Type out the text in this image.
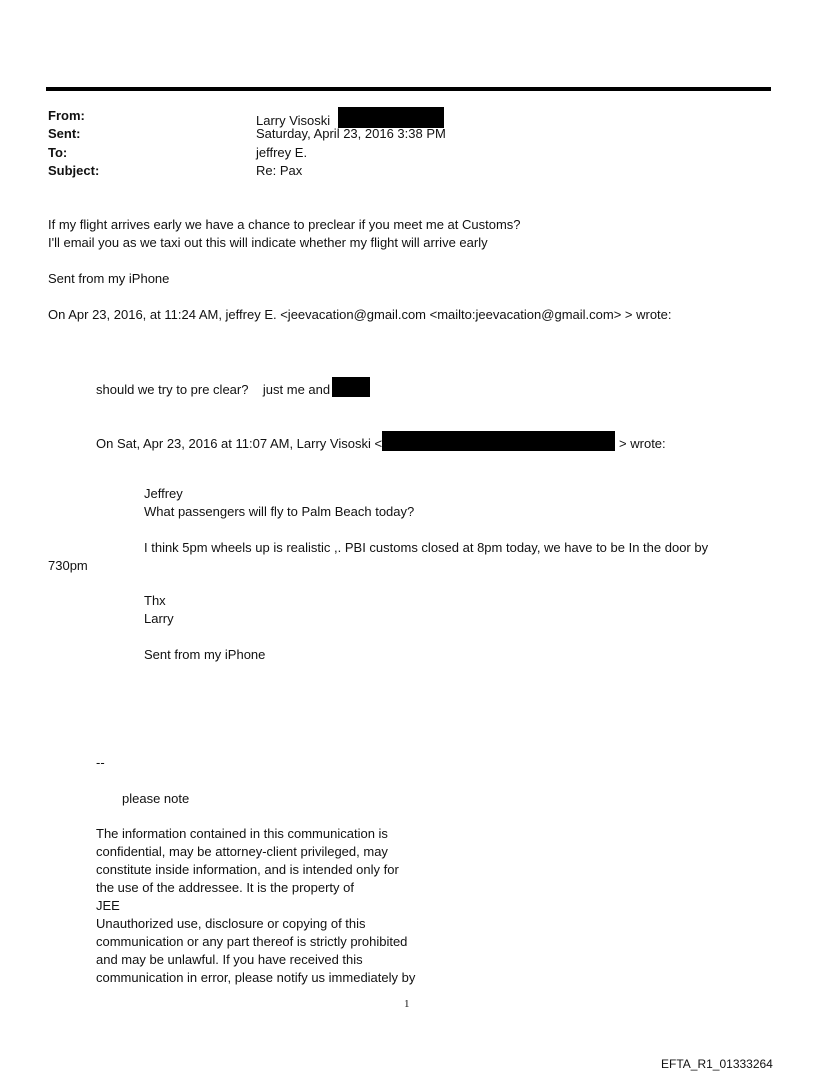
From:	Larry Visoski
Sent:	Saturday, April 23, 2016 3:38 PM
To:	jeffrey E.
Subject:	Re: Pax
If my flight arrives early we have a chance to preclear if you meet me at Customs?
I'll email you as we taxi out this will indicate whether my flight will arrive early
Sent from my iPhone
On Apr 23, 2016, at 11:24 AM, jeffrey E. <jeevacation@gmail.com <mailto:jeevacation@gmail.com> > wrote:
should we try to pre clear?    just me and
On Sat, Apr 23, 2016 at 11:07 AM, Larry Visoski <	> wrote:
Jeffrey
What passengers will fly to Palm Beach today?
I think 5pm wheels up is realistic ,. PBI customs closed at 8pm today, we have to be In the door by
730pm
Thx
Larry
Sent from my iPhone
--
please note
The information contained in this communication is
confidential, may be attorney-client privileged, may
constitute inside information, and is intended only for
the use of the addressee. It is the property of
JEE
Unauthorized use, disclosure or copying of this
communication or any part thereof is strictly prohibited
and may be unlawful. If you have received this
communication in error, please notify us immediately by
1
EFTA_R1_01333264
